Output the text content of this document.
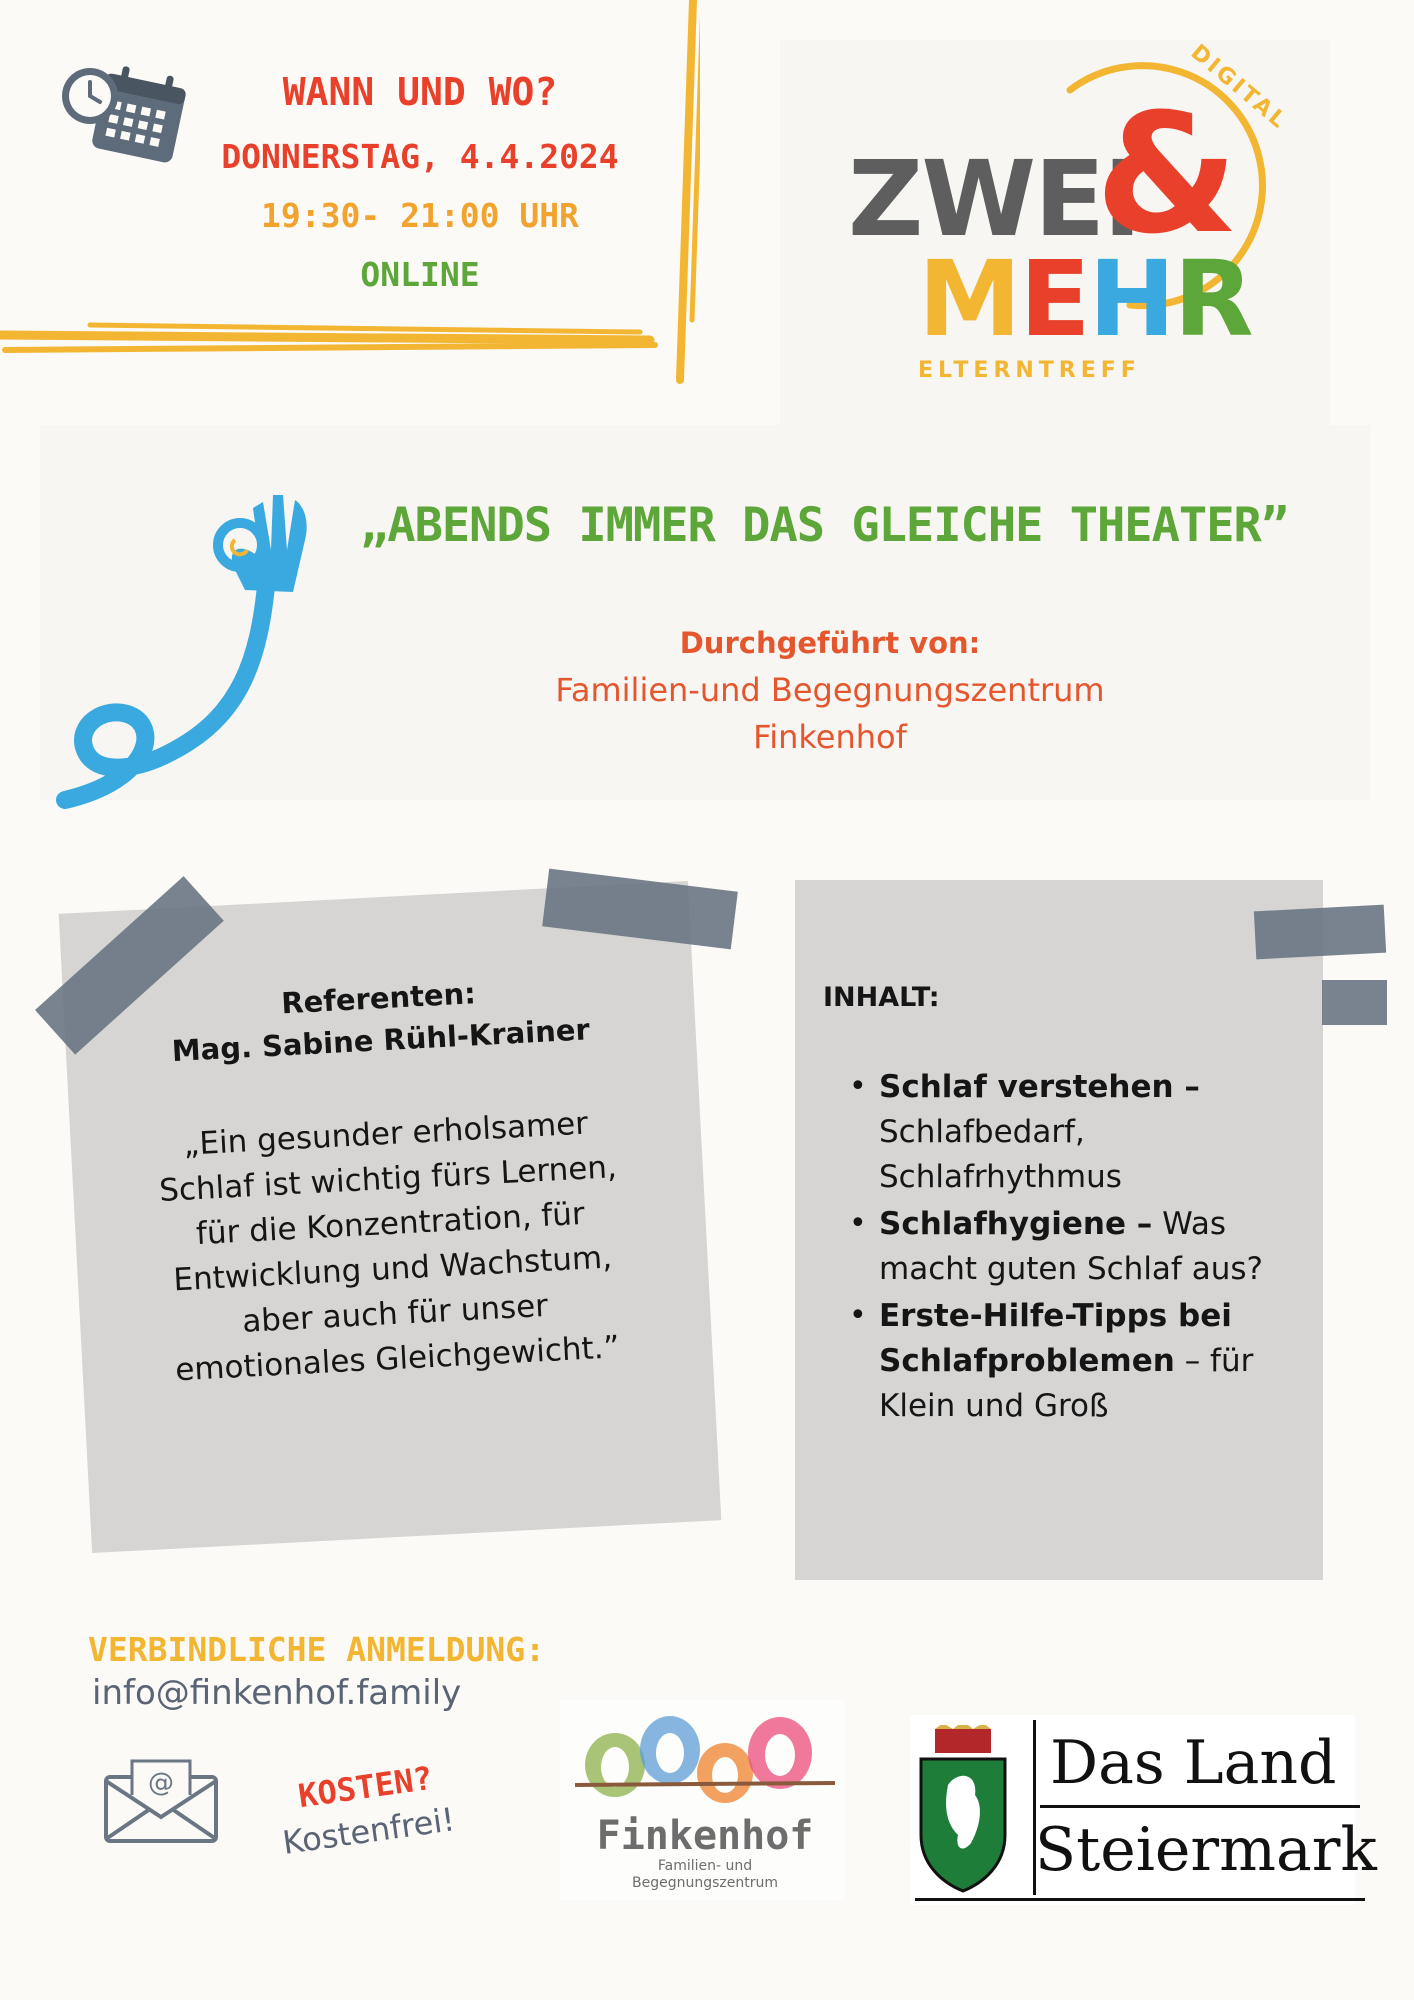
WANN UND WO?
DONNERSTAG, 4.4.2024
19:30- 21:00 UHR
ONLINE
DIGITAL
ZWEI
&
MEHR
ELTERNTREFF
„ABENDS IMMER DAS GLEICHE THEATER”
Durchgeführt von:
Familien-und Begegnungszentrum
Finkenhof
Referenten:
Mag. Sabine Rühl-Krainer
„Ein gesunder erholsamer
Schlaf ist wichtig fürs Lernen,
für die Konzentration, für
Entwicklung und Wachstum,
aber auch für unser
emotionales Gleichgewicht.”
INHALT:
• Schlaf verstehen – Schlafbedarf, Schlafrhythmus
• Schlafhygiene – Was macht guten Schlaf aus?
• Erste-Hilfe-Tipps bei Schlafproblemen – für Klein und Groß
VERBINDLICHE ANMELDUNG:
info@finkenhof.family
@	KOSTEN?
Kostenfrei!	Finkenhof
Familien- und
Begegnungszentrum
Das Land
Steiermark
